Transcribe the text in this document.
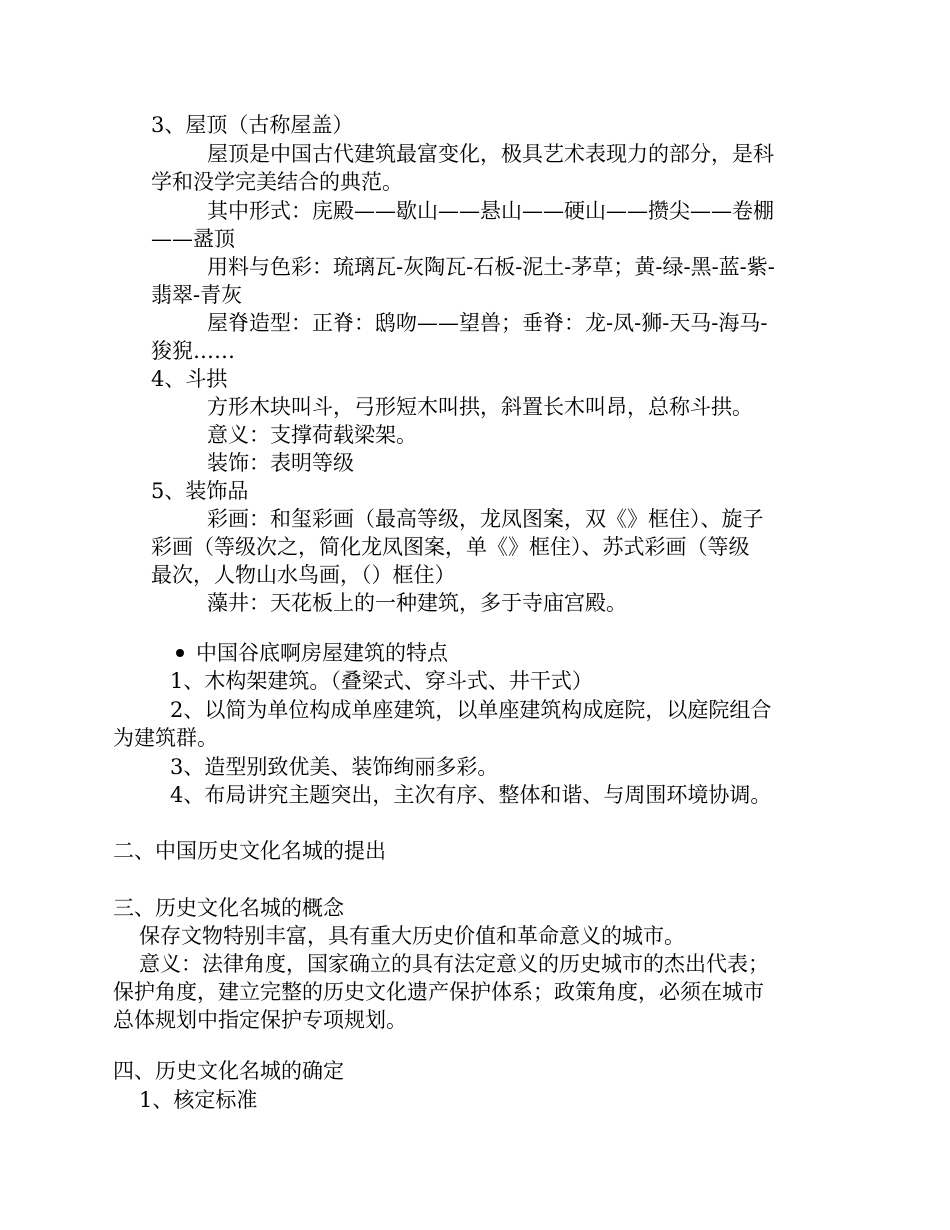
3、屋顶（古称屋盖）
屋顶是中国古代建筑最富变化，极具艺术表现力的部分，是科
学和没学完美结合的典范。
其中形式：庑殿——歇山——悬山——硬山——攒尖——卷棚
——盝顶
用料与色彩：琉璃瓦-灰陶瓦-石板-泥土-茅草；黄-绿-黑-蓝-紫-
翡翠-青灰
屋脊造型：正脊：鸱吻——望兽；垂脊：龙-凤-狮-天马-海马-
狻猊……
4、斗拱
方形木块叫斗，弓形短木叫拱，斜置长木叫昂，总称斗拱。
意义：支撑荷载梁架。
装饰：表明等级
5、装饰品
彩画：和玺彩画（最高等级，龙凤图案，双《》框住）、旋子
彩画（等级次之，简化龙凤图案，单《》框住）、苏式彩画（等级
最次，人物山水鸟画，（）框住）
藻井：天花板上的一种建筑，多于寺庙宫殿。
中国谷底啊房屋建筑的特点
1、木构架建筑。（叠梁式、穿斗式、井干式）
2、以简为单位构成单座建筑，以单座建筑构成庭院，以庭院组合
为建筑群。
3、造型别致优美、装饰绚丽多彩。
4、布局讲究主题突出，主次有序、整体和谐、与周围环境协调。
二、中国历史文化名城的提出
三、历史文化名城的概念
保存文物特别丰富，具有重大历史价值和革命意义的城市。
意义：法律角度，国家确立的具有法定意义的历史城市的杰出代表；
保护角度，建立完整的历史文化遗产保护体系；政策角度，必须在城市
总体规划中指定保护专项规划。
四、历史文化名城的确定
1、核定标准
